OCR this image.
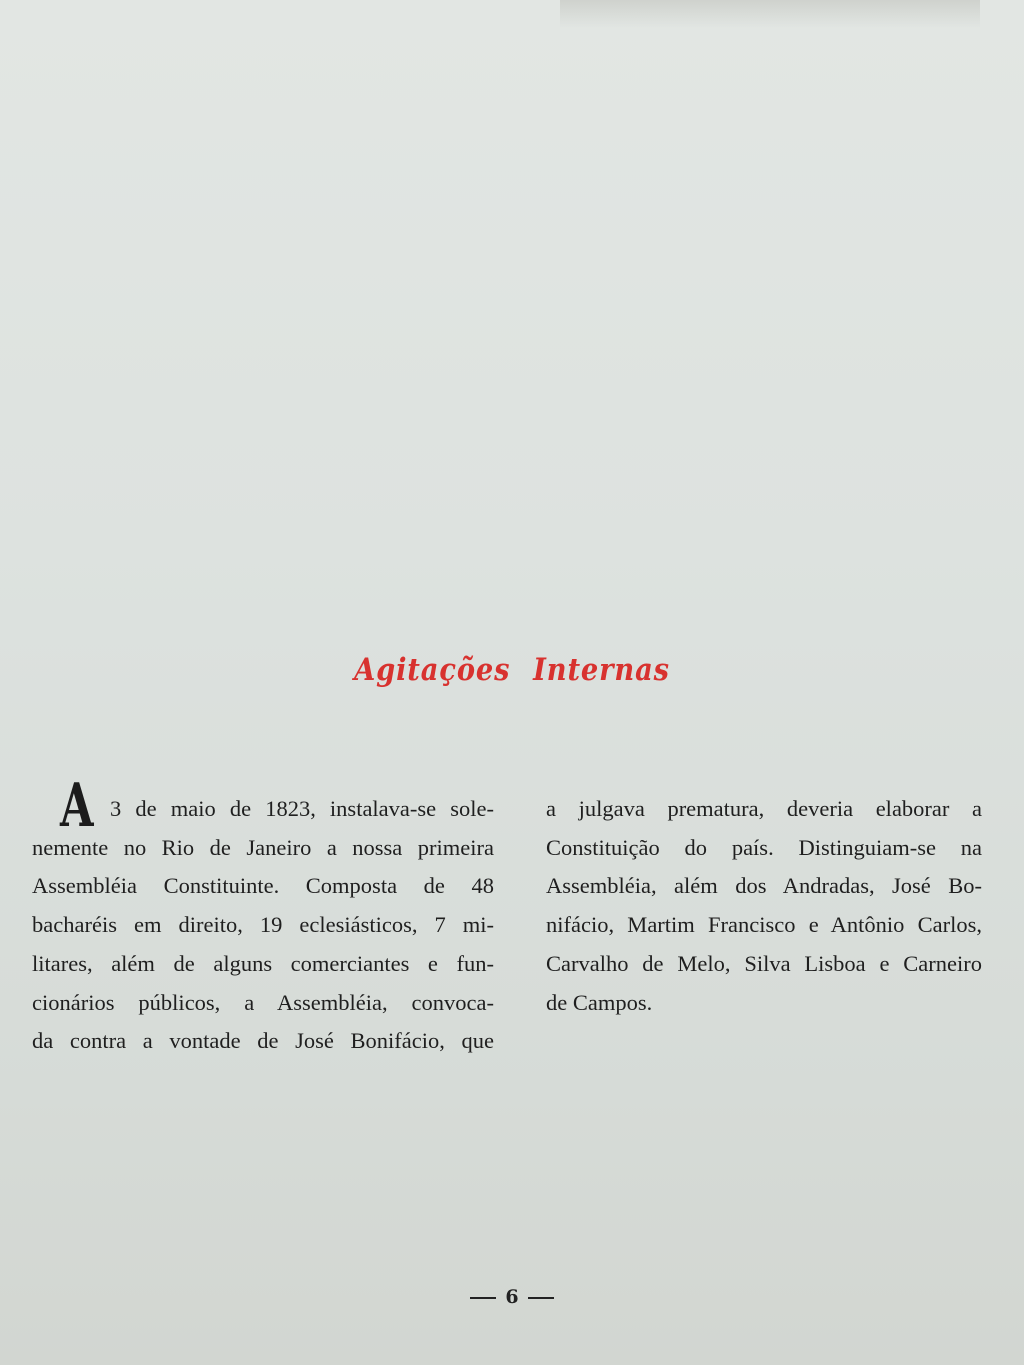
Agitações Internas
A 3 de maio de 1823, instalava-se sole-
nemente no Rio de Janeiro a nossa primeira
Assembléia Constituinte. Composta de 48
bacharéis em direito, 19 eclesiásticos, 7 mi-
litares, além de alguns comerciantes e fun-
cionários públicos, a Assembléia, convoca-
da contra a vontade de José Bonifácio, que
a julgava prematura, deveria elaborar a
Constituição do país. Distinguiam-se na
Assembléia, além dos Andradas, José Bo-
nifácio, Martim Francisco e Antônio Carlos,
Carvalho de Melo, Silva Lisboa e Carneiro
de Campos.
6
